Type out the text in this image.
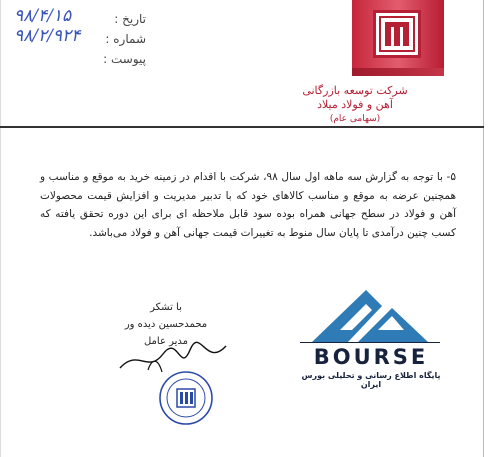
تاریخ :
۹۸/۴/۱۵
شماره :
۹۸/۲/۹۲۴
پیوست :
شرکت توسعه بازرگانی آهن و فولاد میلاد
(سهامی عام)
۵- با توجه به گزارش سه ماهه اول سال ۹۸، شرکت با اقدام در زمینه خرید به موقع و مناسب و همچنین عرضه به موقع و مناسب کالاهای خود که با تدبیر مدیریت و افزایش قیمت محصولات آهن و فولاد در سطح جهانی همراه بوده سود قابل ملاحظه ای برای این دوره تحقق یافته که کسب چنین درآمدی تا پایان سال منوط به تغییرات قیمت جهانی آهن و فولاد می‌باشد.
با تشکر
محمدحسین دیده ور
مدیر عامل
BOURSE
پایگاه اطلاع رسانی و تحلیلی بورس ایران
